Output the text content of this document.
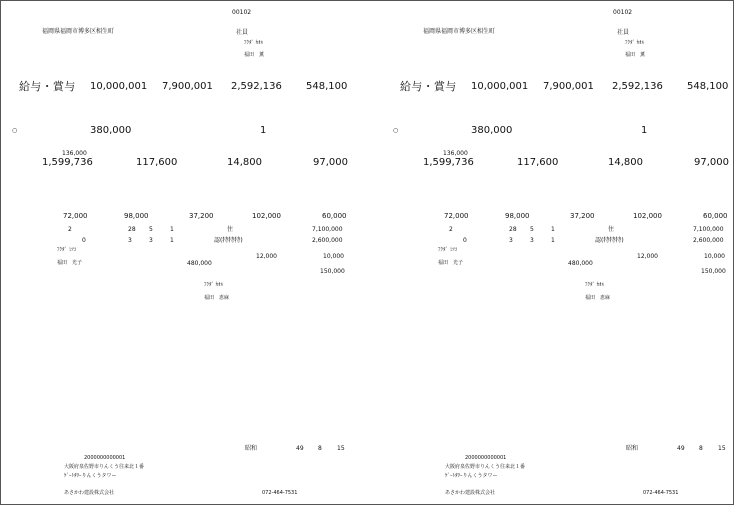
00102
福岡県福岡市博多区相生町	社員
ﾌｸﾀﾞ ｶｵﾙ
福田　薫
給与・賞与 10,000,001 7,900,001 2,592,136 548,100
○	380,000	1
136,000
1,599,736	117,600	14,800	97,000
72,000	98,000	37,200	102,000	60,000
2	28 5	1	住	7,100,000
0	3	3	1	認(特特特)	2,600,000
ﾌｸﾀﾞ ﾐﾂｺ
12,000	10,000
福田　光子	480,000
150,000
ﾌｸﾀﾞ ｶｵﾙ
福田　恵麻
昭和	49 8	15
2000000000001
大阪府泉佐野市りんくう往来北１番
ｹﾞｰﾄﾀﾜｰりんくうタワー
あさかわ建設株式会社	072-464-7531
00102
福岡県福岡市博多区相生町	社員
ﾌｸﾀﾞ ｶｵﾙ
福田　薫
給与・賞与 10,000,001 7,900,001 2,592,136 548,100
○	380,000	1
136,000
1,599,736	117,600	14,800	97,000
72,000	98,000	37,200	102,000	60,000
2	28 5	1	住	7,100,000
0	3	3	1	認(特特特)	2,600,000
ﾌｸﾀﾞ ﾐﾂｺ
12,000	10,000
福田　光子	480,000
150,000
ﾌｸﾀﾞ ｶｵﾙ
福田　恵麻
昭和	49 8	15
2000000000001
大阪府泉佐野市りんくう往来北１番
ｹﾞｰﾄﾀﾜｰりんくうタワー
あさかわ建設株式会社	072-464-7531
